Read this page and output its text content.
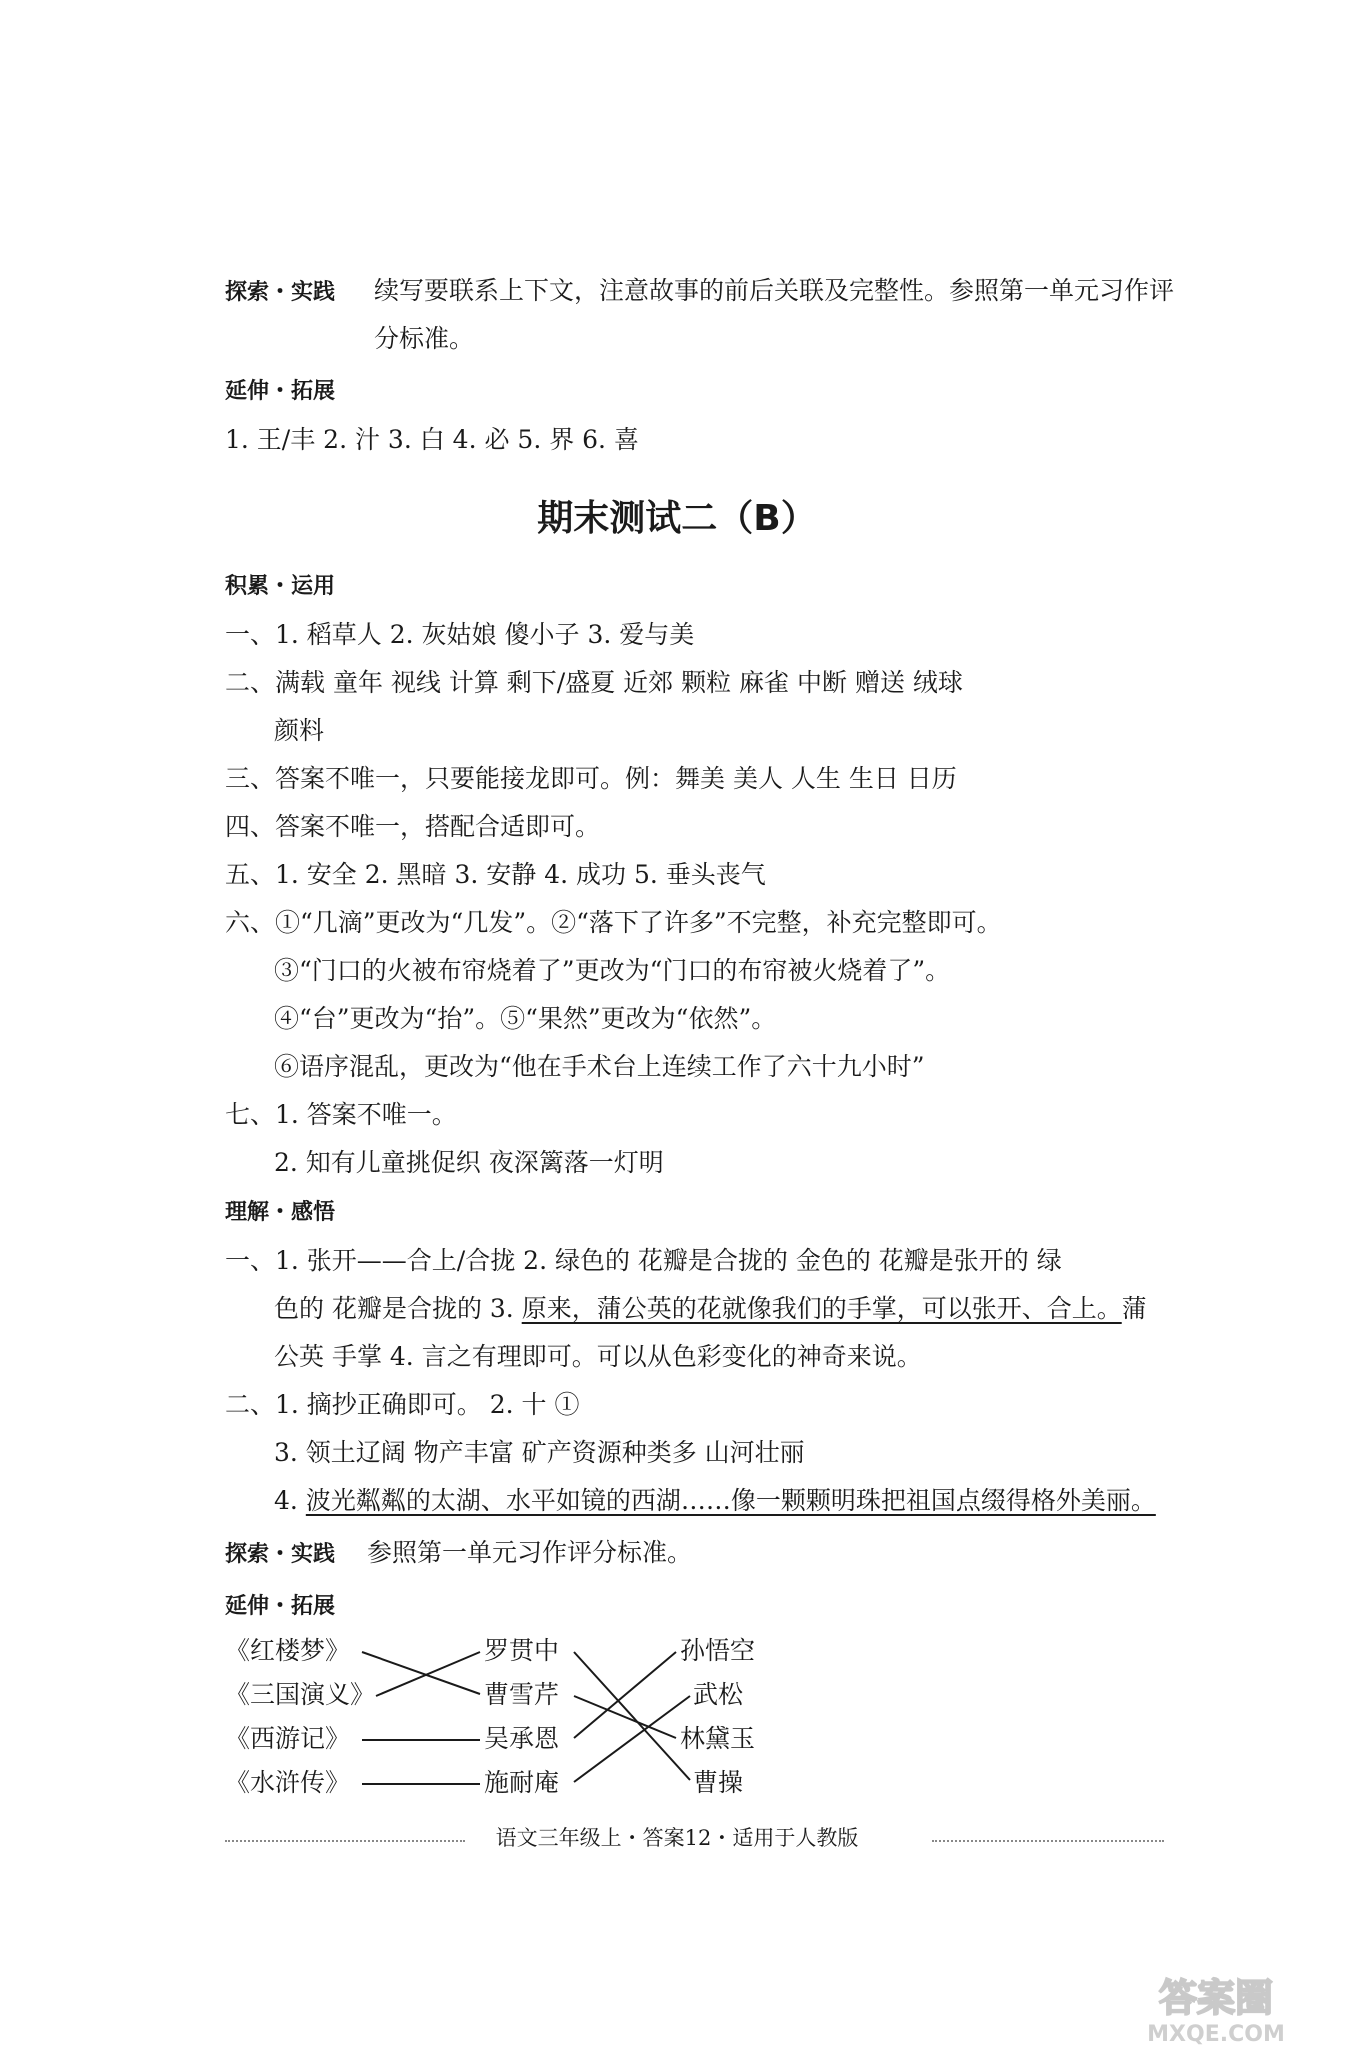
探索・实践 续写要联系上下文，注意故事的前后关联及完整性。参照第一单元习作评
分标准。
延伸・拓展
1. 王/丰 2. 汁 3. 白 4. 必 5. 界 6. 喜
期末测试二（B）
积累・运用
一、1. 稻草人 2. 灰姑娘 傻小子 3. 爱与美
二、满载 童年 视线 计算 剩下/盛夏 近郊 颗粒 麻雀 中断 赠送 绒球
颜料
三、答案不唯一，只要能接龙即可。例：舞美 美人 人生 生日 日历
四、答案不唯一，搭配合适即可。
五、1. 安全 2. 黑暗 3. 安静 4. 成功 5. 垂头丧气
六、①“几滴”更改为“几发”。②“落下了许多”不完整，补充完整即可。
③“门口的火被布帘烧着了”更改为“门口的布帘被火烧着了”。
④“台”更改为“抬”。⑤“果然”更改为“依然”。
⑥语序混乱，更改为“他在手术台上连续工作了六十九小时”
七、1. 答案不唯一。
2. 知有儿童挑促织 夜深篱落一灯明
理解・感悟
一、1. 张开——合上/合拢 2. 绿色的 花瓣是合拢的 金色的 花瓣是张开的 绿
色的 花瓣是合拢的 3. 原来，蒲公英的花就像我们的手掌，可以张开、合上。蒲
公英 手掌 4. 言之有理即可。可以从色彩变化的神奇来说。
二、1. 摘抄正确即可。 2. 十 ①
3. 领土辽阔 物产丰富 矿产资源种类多 山河壮丽
4. 波光粼粼的太湖、水平如镜的西湖……像一颗颗明珠把祖国点缀得格外美丽。
探索・实践 参照第一单元习作评分标准。
延伸・拓展
《红楼梦》
《三国演义》
《西游记》
《水浒传》
罗贯中
曹雪芹
吴承恩
施耐庵
孙悟空
武松
林黛玉
曹操
语文三年级上・答案12・适用于人教版
答案圈
MXQE.COM
